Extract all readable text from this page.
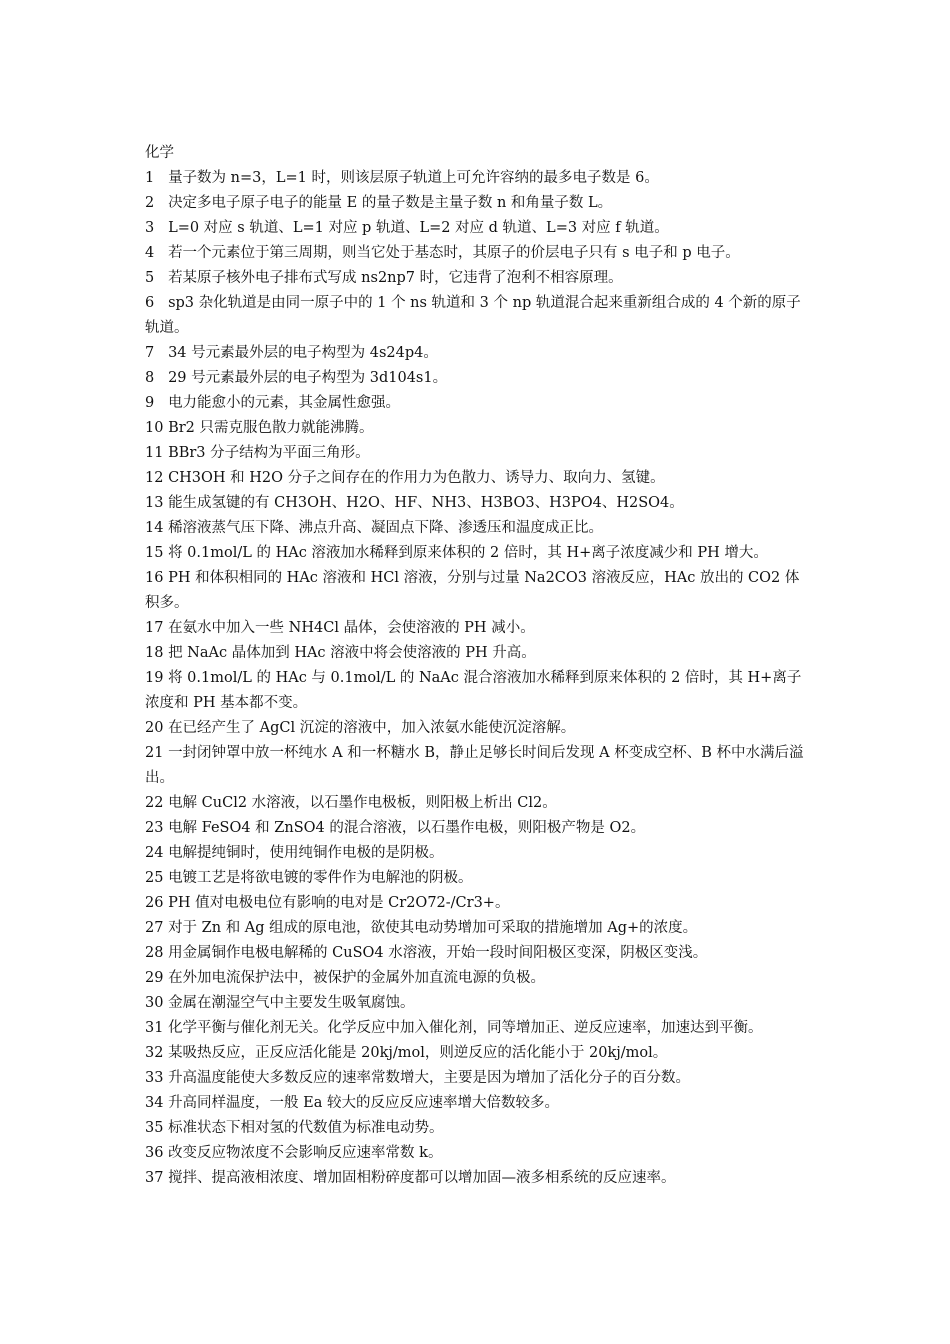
化学

1 量子数为 n=3，L=1 时，则该层原子轨道上可允许容纳的最多电子数是 6。

2 决定多电子原子电子的能量 E 的量子数是主量子数 n 和角量子数 L。

3 L=0 对应 s 轨道、L=1 对应 p 轨道、L=2 对应 d 轨道、L=3 对应 f 轨道。

4 若一个元素位于第三周期，则当它处于基态时，其原子的价层电子只有 s 电子和 p 电子。

5 若某原子核外电子排布式写成 ns2np7 时，它违背了泡利不相容原理。

6 sp3 杂化轨道是由同一原子中的 1 个 ns 轨道和 3 个 np 轨道混合起来重新组合成的 4 个新的原子轨道。

7 34 号元素最外层的电子构型为 4s24p4。

8 29 号元素最外层的电子构型为 3d104s1。

9 电力能愈小的元素，其金属性愈强。

10 Br2 只需克服色散力就能沸腾。

11 BBr3 分子结构为平面三角形。

12 CH3OH 和 H2O 分子之间存在的作用力为色散力、诱导力、取向力、氢键。

13 能生成氢键的有 CH3OH、H2O、HF、NH3、H3BO3、H3PO4、H2SO4。

14 稀溶液蒸气压下降、沸点升高、凝固点下降、渗透压和温度成正比。

15 将 0.1mol/L 的 HAc 溶液加水稀释到原来体积的 2 倍时，其 H+离子浓度减少和 PH 增大。

16 PH 和体积相同的 HAc 溶液和 HCl 溶液，分别与过量 Na2CO3 溶液反应，HAc 放出的 CO2 体积多。

17 在氨水中加入一些 NH4Cl 晶体，会使溶液的 PH 减小。

18 把 NaAc 晶体加到 HAc 溶液中将会使溶液的 PH 升高。

19 将 0.1mol/L 的 HAc 与 0.1mol/L 的 NaAc 混合溶液加水稀释到原来体积的 2 倍时，其 H+离子浓度和 PH 基本都不变。

20 在已经产生了 AgCl 沉淀的溶液中，加入浓氨水能使沉淀溶解。

21 一封闭钟罩中放一杯纯水 A 和一杯糖水 B，静止足够长时间后发现 A 杯变成空杯、B 杯中水满后溢出。

22 电解 CuCl2 水溶液，以石墨作电极板，则阳极上析出 Cl2。

23 电解 FeSO4 和 ZnSO4 的混合溶液，以石墨作电极，则阳极产物是 O2。

24 电解提纯铜时，使用纯铜作电极的是阴极。

25 电镀工艺是将欲电镀的零件作为电解池的阴极。

26 PH 值对电极电位有影响的电对是 Cr2O72-/Cr3+。

27 对于 Zn 和 Ag 组成的原电池，欲使其电动势增加可采取的措施增加 Ag+的浓度。

28 用金属铜作电极电解稀的 CuSO4 水溶液，开始一段时间阳极区变深，阴极区变浅。

29 在外加电流保护法中，被保护的金属外加直流电源的负极。

30 金属在潮湿空气中主要发生吸氧腐蚀。

31 化学平衡与催化剂无关。化学反应中加入催化剂，同等增加正、逆反应速率，加速达到平衡。

32 某吸热反应，正反应活化能是 20kj/mol，则逆反应的活化能小于 20kj/mol。

33 升高温度能使大多数反应的速率常数增大，主要是因为增加了活化分子的百分数。

34 升高同样温度，一般 Ea 较大的反应反应速率增大倍数较多。

35 标准状态下相对氢的代数值为标准电动势。

36 改变反应物浓度不会影响反应速率常数 k。

37 搅拌、提高液相浓度、增加固相粉碎度都可以增加固—液多相系统的反应速率。
